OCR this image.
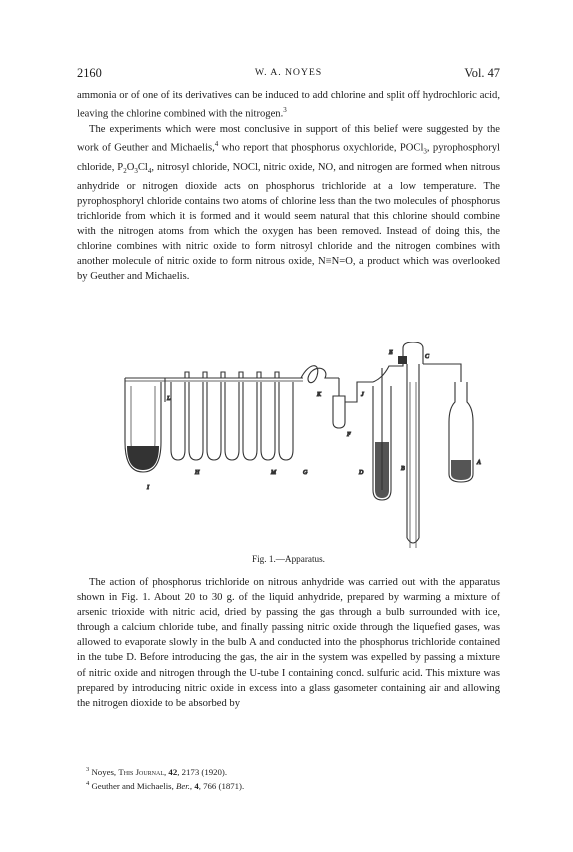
2160	W. A. NOYES	Vol. 47

ammonia or of one of its derivatives can be induced to add chlorine and split off hydrochloric acid, leaving the chlorine combined with the nitrogen.$^3$

The experiments which were most conclusive in support of this belief were suggested by the work of Geuther and Michaelis,$^4$ who report that phosphorus oxychloride, POCl$_3$, pyrophosphoryl chloride, $P_2O_3Cl_4$, nitrosyl chloride, NOCl, nitric oxide, NO, and nitrogen are formed when nitrous anhydride or nitrogen dioxide acts on phosphorus trichloride at a low temperature. The pyrophosphoryl chloride contains two atoms of chlorine less than the two molecules of phosphorus trichloride from which it is formed and it would seem natural that this chlorine should combine with the nitrogen atoms from which the oxygen has been removed. Instead of doing this, the chlorine combines with nitric oxide to form nitrosyl chloride and the nitrogen combines with another molecule of nitric oxide to form nitrous oxide, N≡N=O, a product which was overlooked by Geuther and Michaelis.

I
H
L
M	G
K
F
J
E
C
D
B
A
Fig. 1.—Apparatus.

The action of phosphorus trichloride on nitrous anhydride was carried out with the apparatus shown in Fig. 1. About 20 to 30 g. of the liquid anhydride, prepared by warming a mixture of arsenic trioxide with nitric acid, dried by passing the gas through a bulb surrounded with ice, through a calcium chloride tube, and finally passing nitric oxide through the liquefied gases, was allowed to evaporate slowly in the bulb A and conducted into the phosphorus trichloride contained in the tube D. Before introducing the gas, the air in the system was expelled by passing a mixture of nitric oxide and nitrogen through the U-tube I containing concd. sulfuric acid. This mixture was prepared by introducing nitric oxide in excess into a glass gasometer containing air and allowing the nitrogen dioxide to be absorbed by

$^3$ Noyes, This Journal, 42, 2173 (1920).

$^4$ Geuther and Michaelis, Ber., 4, 766 (1871).
